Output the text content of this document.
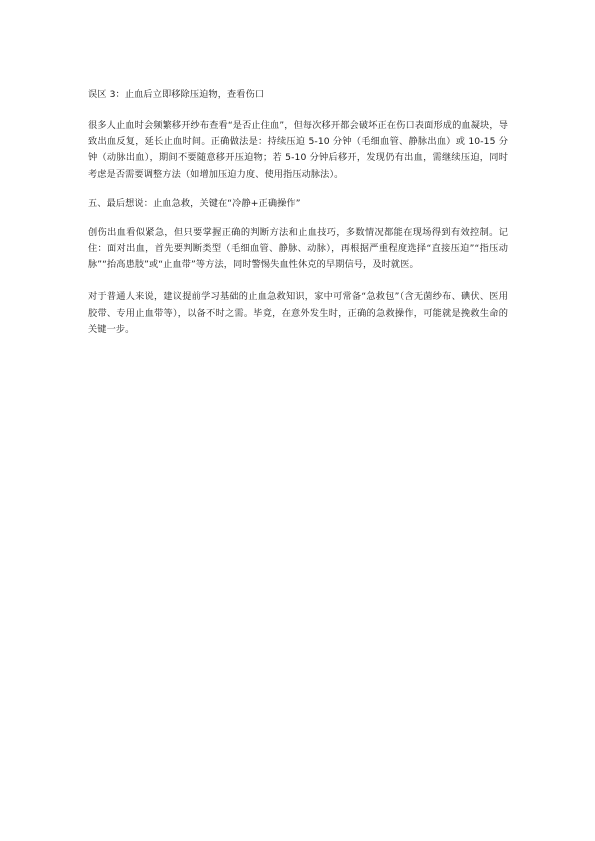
误区 3：止血后立即移除压迫物，查看伤口

很多人止血时会频繁移开纱布查看“是否止住血”，但每次移开都会破坏正在伤口表面形成的血凝块，导致出血反复，延长止血时间。正确做法是：持续压迫 5-10 分钟（毛细血管、静脉出血）或 10-15 分钟（动脉出血），期间不要随意移开压迫物；若 5-10 分钟后移开，发现仍有出血，需继续压迫，同时考虑是否需要调整方法（如增加压迫力度、使用指压动脉法）。

五、最后想说：止血急救，关键在“冷静+正确操作”

创伤出血看似紧急，但只要掌握正确的判断方法和止血技巧，多数情况都能在现场得到有效控制。记住：面对出血，首先要判断类型（毛细血管、静脉、动脉），再根据严重程度选择“直接压迫”“指压动脉”“抬高患肢”或“止血带”等方法，同时警惕失血性休克的早期信号，及时就医。

对于普通人来说，建议提前学习基础的止血急救知识，家中可常备“急救包”（含无菌纱布、碘伏、医用胶带、专用止血带等），以备不时之需。毕竟，在意外发生时，正确的急救操作，可能就是挽救生命的关键一步。
